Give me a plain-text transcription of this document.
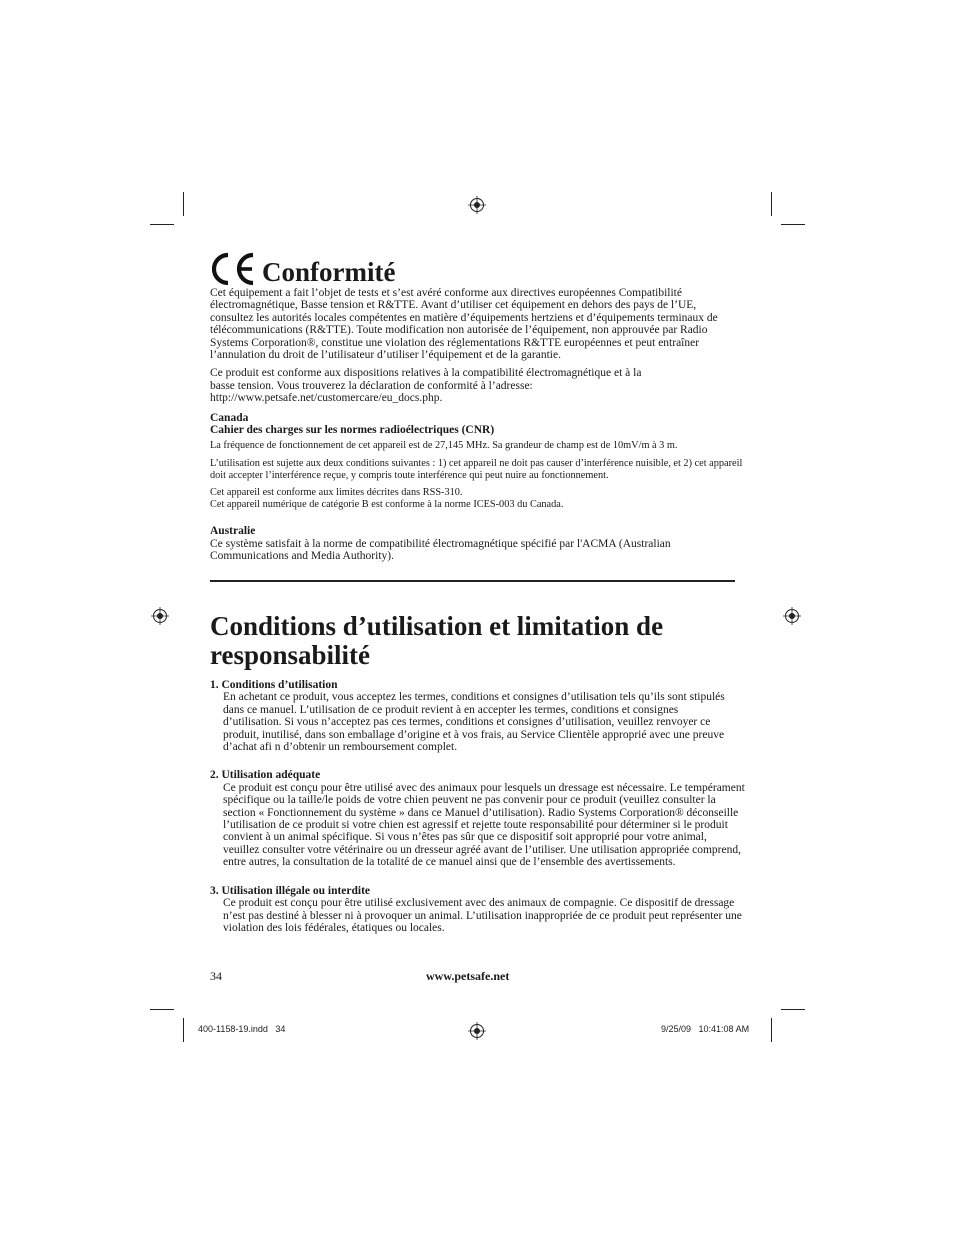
Conformité

Cet équipement a fait l’objet de tests et s’est avéré conforme aux directives européennes Compatibilité électromagnétique, Basse tension et R&TTE. Avant d’utiliser cet équipement en dehors des pays de l’UE, consultez les autorités locales compétentes en matière d’équipements hertziens et d’équipements terminaux de télécommunications (R&TTE). Toute modification non autorisée de l’équipement, non approuvée par Radio Systems Corporation®, constitue une violation des réglementations R&TTE européennes et peut entraîner l’annulation du droit de l’utilisateur d’utiliser l’équipement et de la garantie.

Ce produit est conforme aux dispositions relatives à la compatibilité électromagnétique et à la basse tension. Vous trouverez la déclaration de conformité à l’adresse: http://www.petsafe.net/customercare/eu_docs.php.

Canada

Cahier des charges sur les normes radioélectriques (CNR)

La fréquence de fonctionnement de cet appareil est de 27,145 MHz. Sa grandeur de champ est de 10mV/m à 3 m.

L’utilisation est sujette aux deux conditions suivantes : 1) cet appareil ne doit pas causer d’interférence nuisible, et 2) cet appareil doit accepter l’interférence reçue, y compris toute interférence qui peut nuire au fonctionnement.

Cet appareil est conforme aux limites décrites dans RSS-310.

Cet appareil numérique de catégorie B est conforme à la norme ICES-003 du Canada.

Australie

Ce système satisfait à la norme de compatibilité électromagnétique spécifié par l'ACMA (Australian Communications and Media Authority).

Conditions d’utilisation et limitation de responsabilité

1. Conditions d’utilisation

En achetant ce produit, vous acceptez les termes, conditions et consignes d’utilisation tels qu’ils sont stipulés dans ce manuel. L’utilisation de ce produit revient à en accepter les termes, conditions et consignes d’utilisation. Si vous n’acceptez pas ces termes, conditions et consignes d’utilisation, veuillez renvoyer ce produit, inutilisé, dans son emballage d’origine et à vos frais, au Service Clientèle approprié avec une preuve d’achat afi n d’obtenir un remboursement complet.

2. Utilisation adéquate

Ce produit est conçu pour être utilisé avec des animaux pour lesquels un dressage est nécessaire. Le tempérament spécifique ou la taille/le poids de votre chien peuvent ne pas convenir pour ce produit (veuillez consulter la section « Fonctionnement du système » dans ce Manuel d’utilisation). Radio Systems Corporation® déconseille l’utilisation de ce produit si votre chien est agressif et rejette toute responsabilité pour déterminer si le produit convient à un animal spécifique. Si vous n’êtes pas sûr que ce dispositif soit approprié pour votre animal, veuillez consulter votre vétérinaire ou un dresseur agréé avant de l’utiliser. Une utilisation appropriée comprend, entre autres, la consultation de la totalité de ce manuel ainsi que de l’ensemble des avertissements.

3. Utilisation illégale ou interdite

Ce produit est conçu pour être utilisé exclusivement avec des animaux de compagnie. Ce dispositif de dressage n’est pas destiné à blesser ni à provoquer un animal. L’utilisation inappropriée de ce produit peut représenter une violation des lois fédérales, étatiques ou locales.

34	www.petsafe.net
400-1158-19.indd   34	9/25/09   10:41:08 AM
